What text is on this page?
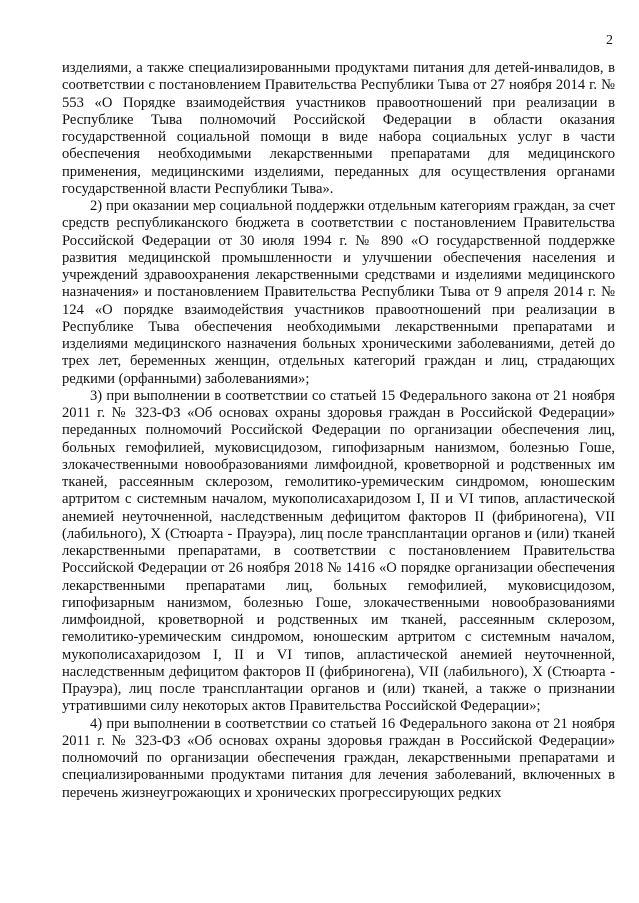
2

изделиями, а также специализированными продуктами питания для детей-инвалидов, в соответствии с постановлением Правительства Республики Тыва от 27 ноября 2014 г. № 553 «О Порядке взаимодействия участников правоотношений при реализации в Республике Тыва полномочий Российской Федерации в области оказания государственной социальной помощи в виде набора социальных услуг в части обеспечения необходимыми лекарственными препаратами для медицинского применения, медицинскими изделиями, переданных для осуществления органами государственной власти Республики Тыва».

2) при оказании мер социальной поддержки отдельным категориям граждан, за счет средств республиканского бюджета в соответствии с постановлением Правительства Российской Федерации от 30 июля 1994 г. № 890 «О государственной поддержке развития медицинской промышленности и улучшении обеспечения населения и учреждений здравоохранения лекарственными средствами и изделиями медицинского назначения» и постановлением Правительства Республики Тыва от 9 апреля 2014 г. № 124 «О порядке взаимодействия участников правоотношений при реализации в Республике Тыва обеспечения необходимыми лекарственными препаратами и изделиями медицинского назначения больных хроническими заболеваниями, детей до трех лет, беременных женщин, отдельных категорий граждан и лиц, страдающих редкими (орфанными) заболеваниями»;

3) при выполнении в соответствии со статьей 15 Федерального закона от 21 ноября 2011 г. № 323-ФЗ «Об основах охраны здоровья граждан в Российской Федерации» переданных полномочий Российской Федерации по организации обеспечения лиц, больных гемофилией, муковисцидозом, гипофизарным нанизмом, болезнью Гоше, злокачественными новообразованиями лимфоидной, кроветворной и родственных им тканей, рассеянным склерозом, гемолитико-уремическим синдромом, юношеским артритом с системным началом, мукополисахаридозом I, II и VI типов, апластической анемией неуточненной, наследственным дефицитом факторов II (фибриногена), VII (лабильного), X (Стюарта - Прауэра), лиц после трансплантации органов и (или) тканей лекарственными препаратами, в соответствии с постановлением Правительства Российской Федерации от 26 ноября 2018 № 1416 «О порядке организации обеспечения лекарственными препаратами лиц, больных гемофилией, муковисцидозом, гипофизарным нанизмом, болезнью Гоше, злокачественными новообразованиями лимфоидной, кроветворной и родственных им тканей, рассеянным склерозом, гемолитико-уремическим синдромом, юношеским артритом с системным началом, мукополисахаридозом I, II и VI типов, апластической анемией неуточненной, наследственным дефицитом факторов II (фибриногена), VII (лабильного), X (Стюарта - Прауэра), лиц после трансплантации органов и (или) тканей, а также о признании утратившими силу некоторых актов Правительства Российской Федерации»;

4) при выполнении в соответствии со статьей 16 Федерального закона от 21 ноября 2011 г. № 323-ФЗ «Об основах охраны здоровья граждан в Российской Федерации» полномочий по организации обеспечения граждан, лекарственными препаратами и специализированными продуктами питания для лечения заболеваний, включенных в перечень жизнеугрожающих и хронических прогрессирующих редких
